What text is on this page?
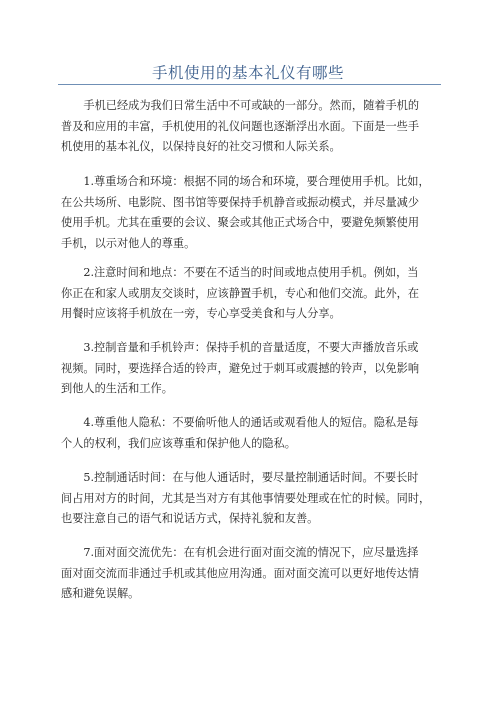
手机使用的基本礼仪有哪些

　　手机已经成为我们日常生活中不可或缺的一部分。然而，随着手机的
普及和应用的丰富，手机使用的礼仪问题也逐渐浮出水面。下面是一些手
机使用的基本礼仪，以保持良好的社交习惯和人际关系。

　　1.尊重场合和环境：根据不同的场合和环境，要合理使用手机。比如，
在公共场所、电影院、图书馆等要保持手机静音或振动模式，并尽量减少
使用手机。尤其在重要的会议、聚会或其他正式场合中，要避免频繁使用
手机，以示对他人的尊重。

　　2.注意时间和地点：不要在不适当的时间或地点使用手机。例如，当
你正在和家人或朋友交谈时，应该静置手机，专心和他们交流。此外，在
用餐时应该将手机放在一旁，专心享受美食和与人分享。

　　3.控制音量和手机铃声：保持手机的音量适度，不要大声播放音乐或
视频。同时，要选择合适的铃声，避免过于刺耳或震撼的铃声，以免影响
到他人的生活和工作。

　　4.尊重他人隐私：不要偷听他人的通话或观看他人的短信。隐私是每
个人的权利，我们应该尊重和保护他人的隐私。

　　5.控制通话时间：在与他人通话时，要尽量控制通话时间。不要长时
间占用对方的时间，尤其是当对方有其他事情要处理或在忙的时候。同时，
也要注意自己的语气和说话方式，保持礼貌和友善。

　　7.面对面交流优先：在有机会进行面对面交流的情况下，应尽量选择
面对面交流而非通过手机或其他应用沟通。面对面交流可以更好地传达情
感和避免误解。
